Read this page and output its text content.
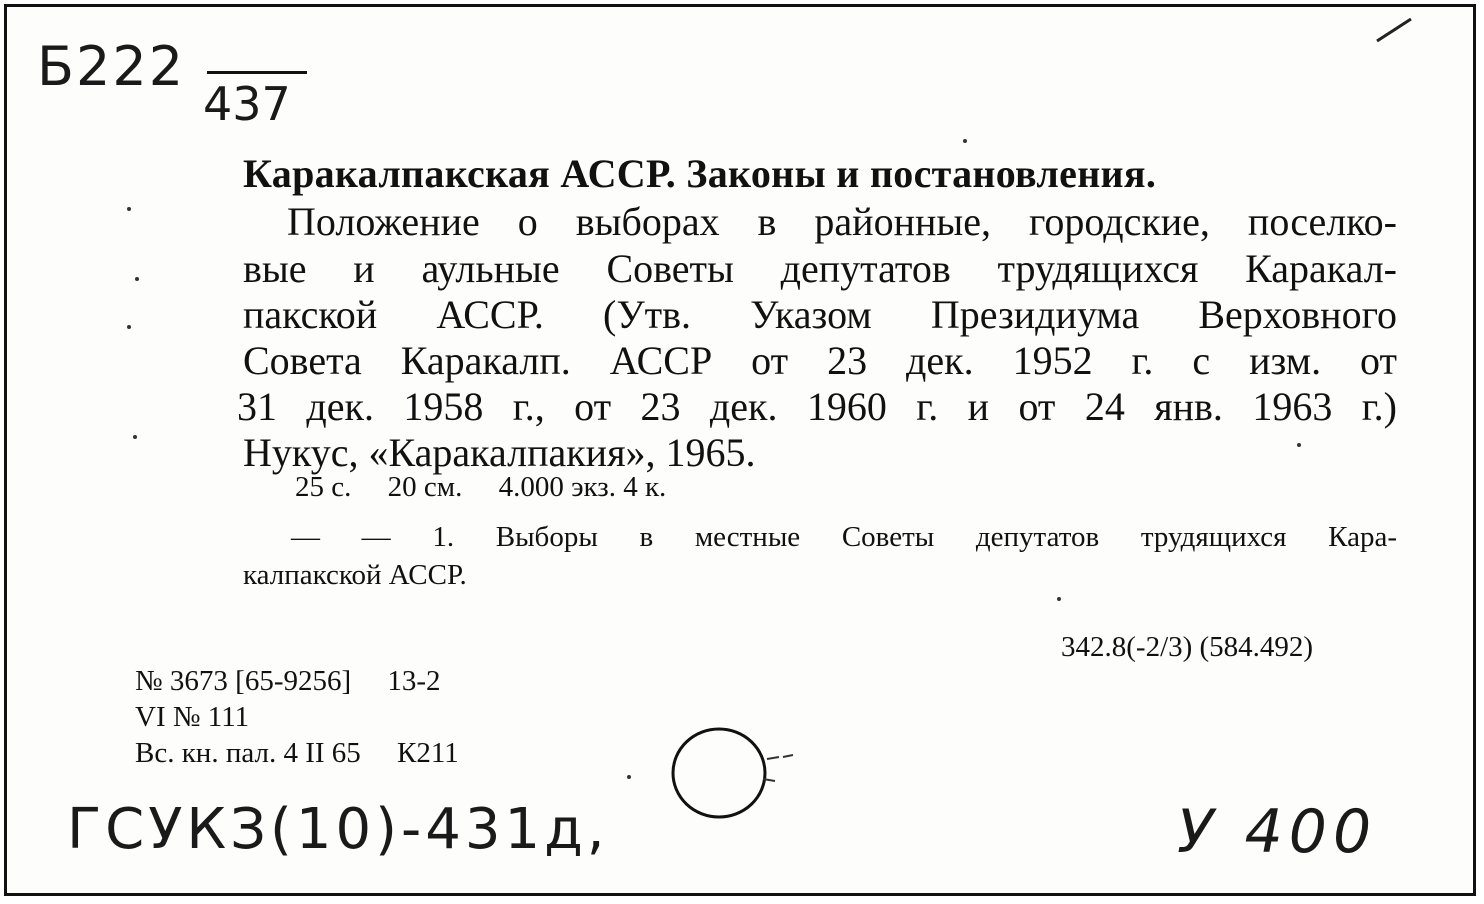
Б222
437
Каракалпакская АССР. Законы и постановления.
Положение о выборах в районные, городские, поселко-
вые и аульные Советы депутатов трудящихся Каракал-
пакской АССР. (Утв. Указом Президиума Верховного
Совета Каракалп. АССР от 23 дек. 1952 г. с изм. от
31 дек. 1958 г., от 23 дек. 1960 г. и от 24 янв. 1963 г.)
Нукус, «Каракалпакия», 1965.
25 с.     20 см.     4.000 экз. 4 к.
— — 1. Выборы в местные Советы депутатов трудящихся Кара-
калпакской АССР.
342.8(-2/3) (584.492)
№ 3673 [65-9256]     13-2
VI № 111
Вс. кн. пал. 4 II 65     К211
ГСУКЗ(10)-431д,	У 400
